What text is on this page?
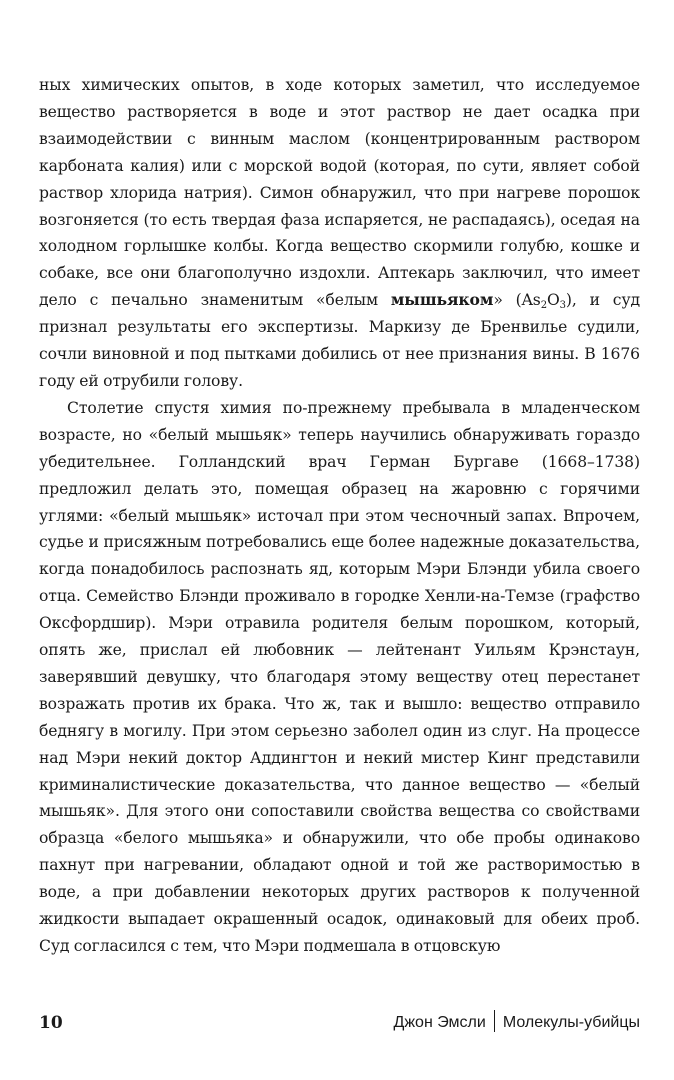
ных химических опытов, в ходе которых заметил, что исследуемое вещество растворяется в воде и этот раствор не дает осадка при взаимодействии с винным маслом (концентрированным раствором карбоната калия) или с морской водой (которая, по сути, являет собой раствор хлорида натрия). Симон обнаружил, что при нагреве порошок возгоняется (то есть твердая фаза испаряется, не распадаясь), оседая на холодном горлышке колбы. Когда вещество скормили голубю, кошке и собаке, все они благополучно издохли. Аптекарь заключил, что имеет дело с печально знаменитым «белым мышьяком» $(As_2O_3)$, и суд признал результаты его экспертизы. Маркизу де Бренвилье судили, сочли виновной и под пытками добились от нее признания вины. В 1676 году ей отрубили голову.

Столетие спустя химия по-прежнему пребывала в младенческом возрасте, но «белый мышьяк» теперь научились обнаруживать гораздо убедительнее. Голландский врач Герман Бургаве (1668–1738) предложил делать это, помещая образец на жаровню с горячими углями: «белый мышьяк» источал при этом чесночный запах. Впрочем, судье и присяжным потребовались еще более надежные доказательства, когда понадобилось распознать яд, которым Мэри Блэнди убила своего отца. Семейство Блэнди проживало в городке Хенли-на-Темзе (графство Оксфордшир). Мэри отравила родителя белым порошком, который, опять же, прислал ей любовник — лейтенант Уильям Крэнстаун, заверявший девушку, что благодаря этому веществу отец перестанет возражать против их брака. Что ж, так и вышло: вещество отправило беднягу в могилу. При этом серьезно заболел один из слуг. На процессе над Мэри некий доктор Аддингтон и некий мистер Кинг представили криминалистические доказательства, что данное вещество — «белый мышьяк». Для этого они сопоставили свойства вещества со свойствами образца «белого мышьяка» и обнаружили, что обе пробы одинаково пахнут при нагревании, обладают одной и той же растворимостью в воде, а при добавлении некоторых других растворов к полученной жидкости выпадает окрашенный осадок, одинаковый для обеих проб. Суд согласился с тем, что Мэри подмешала в отцовскую

10	Джон Эмсли Молекулы-убийцы
